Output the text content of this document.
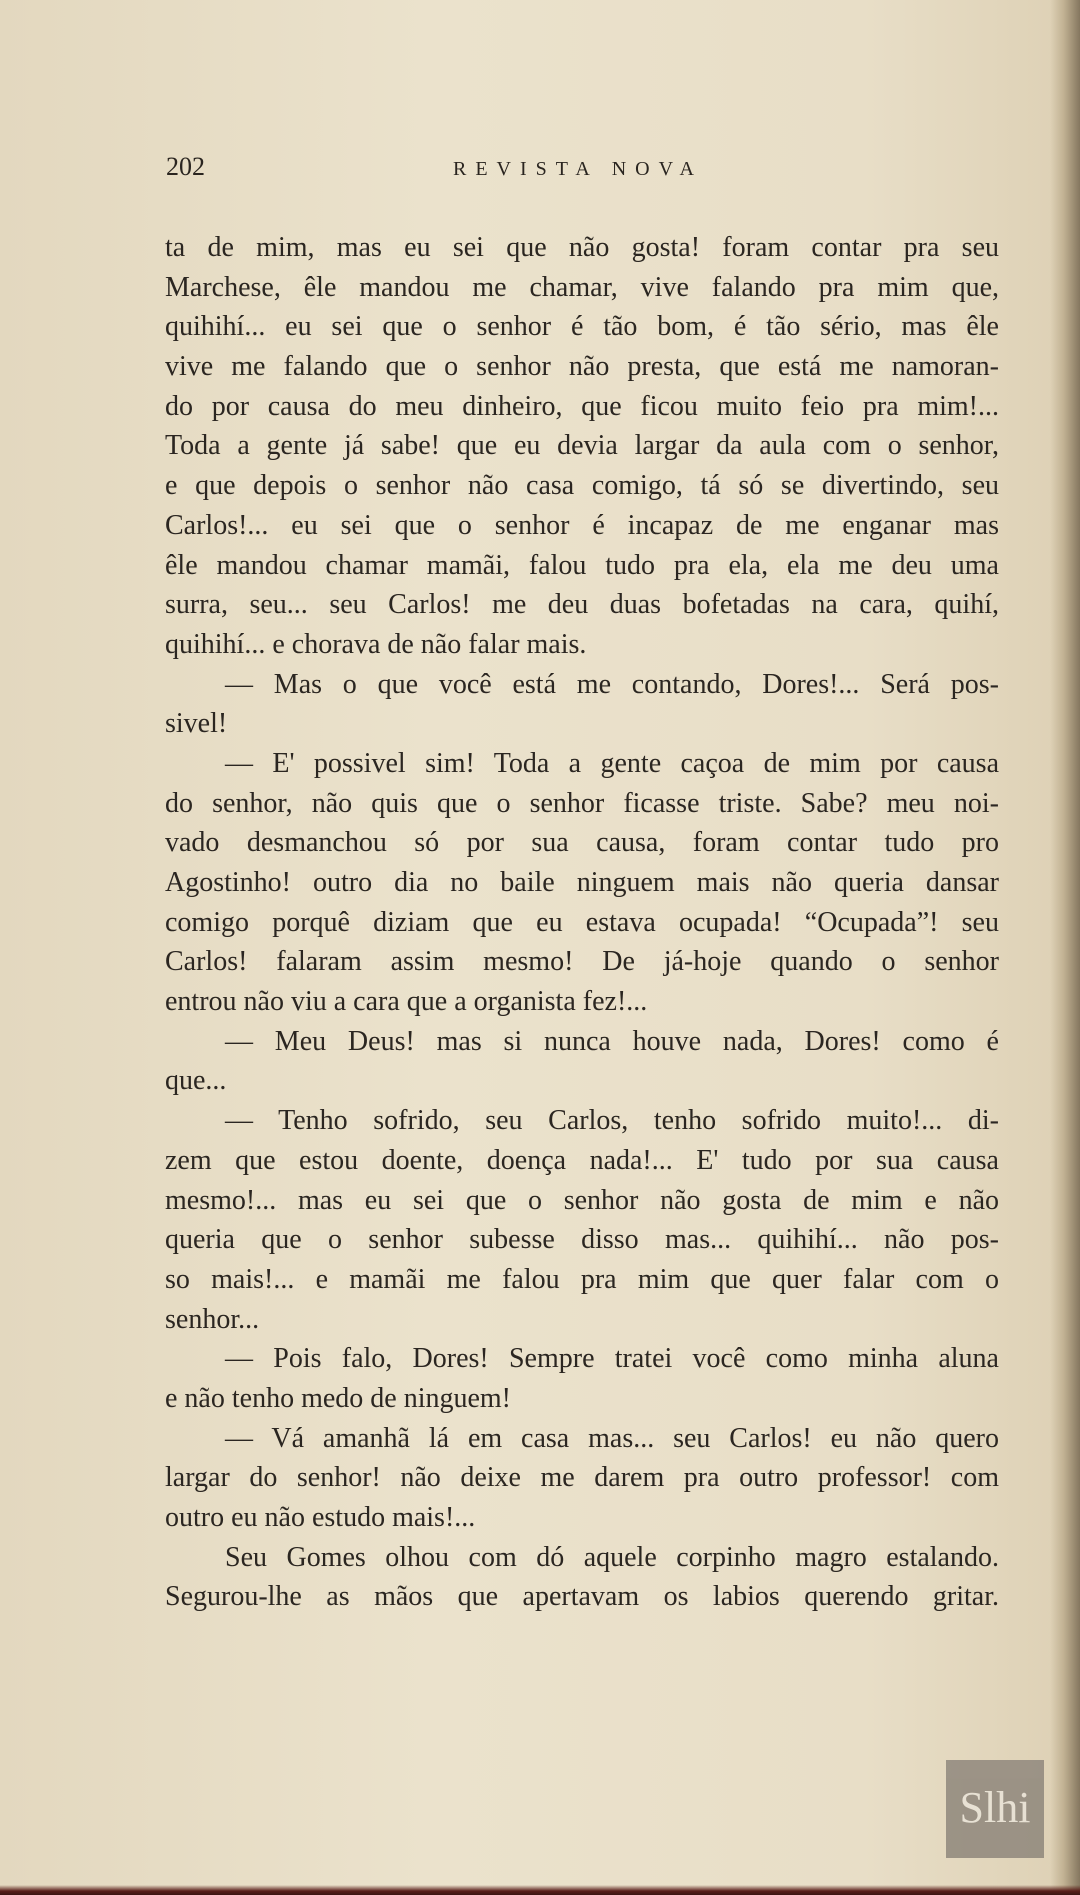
202	REVISTA NOVA
ta de mim, mas eu sei que não gosta! foram contar pra seu
Marchese, êle mandou me chamar, vive falando pra mim que,
quihihí... eu sei que o senhor é tão bom, é tão sério, mas êle
vive me falando que o senhor não presta, que está me namoran-
do por causa do meu dinheiro, que ficou muito feio pra mim!...
Toda a gente já sabe! que eu devia largar da aula com o senhor,
e que depois o senhor não casa comigo, tá só se divertindo, seu
Carlos!... eu sei que o senhor é incapaz de me enganar mas
êle mandou chamar mamãi, falou tudo pra ela, ela me deu uma
surra, seu... seu Carlos! me deu duas bofetadas na cara, quihí,
quihihí... e chorava de não falar mais.
— Mas o que você está me contando, Dores!... Será pos-
sivel!
— E' possivel sim! Toda a gente caçoa de mim por causa
do senhor, não quis que o senhor ficasse triste. Sabe? meu noi-
vado desmanchou só por sua causa, foram contar tudo pro
Agostinho! outro dia no baile ninguem mais não queria dansar
comigo porquê diziam que eu estava ocupada! “Ocupada”! seu
Carlos! falaram assim mesmo! De já-hoje quando o senhor
entrou não viu a cara que a organista fez!...
— Meu Deus! mas si nunca houve nada, Dores! como é
que...
— Tenho sofrido, seu Carlos, tenho sofrido muito!... di-
zem que estou doente, doença nada!... E' tudo por sua causa
mesmo!... mas eu sei que o senhor não gosta de mim e não
queria que o senhor subesse disso mas... quihihí... não pos-
so mais!... e mamãi me falou pra mim que quer falar com o
senhor...
— Pois falo, Dores! Sempre tratei você como minha aluna
e não tenho medo de ninguem!
— Vá amanhã lá em casa mas... seu Carlos! eu não quero
largar do senhor! não deixe me darem pra outro professor! com
outro eu não estudo mais!...
Seu Gomes olhou com dó aquele corpinho magro estalando.
Segurou-lhe as mãos que apertavam os labios querendo gritar.
Slhi
